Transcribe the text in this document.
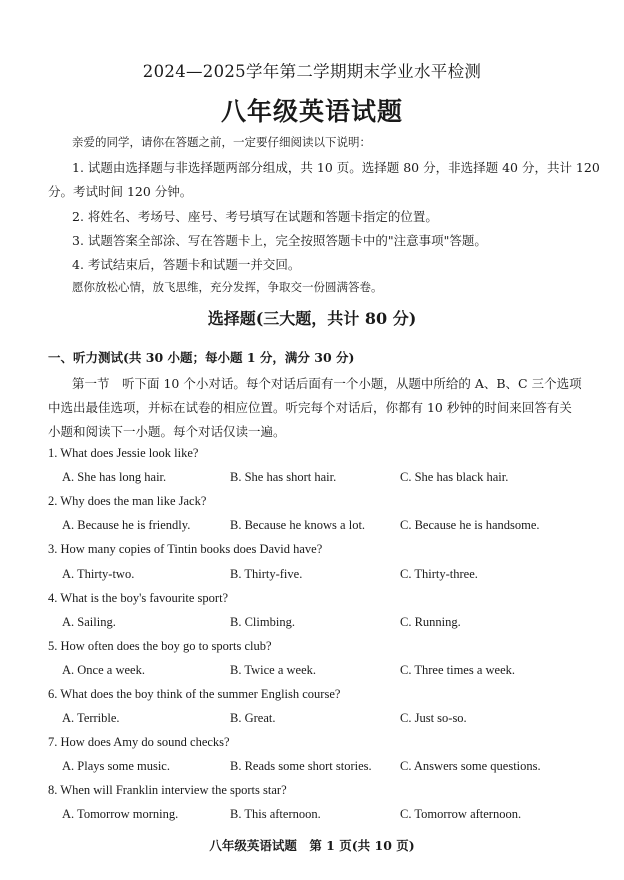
2024—2025学年第二学期期末学业水平检测
八年级英语试题
亲爱的同学，请你在答题之前，一定要仔细阅读以下说明：
1. 试题由选择题与非选择题两部分组成，共 10 页。选择题 80 分，非选择题 40 分，共计 120
分。考试时间 120 分钟。
2. 将姓名、考场号、座号、考号填写在试题和答题卡指定的位置。
3. 试题答案全部涂、写在答题卡上，完全按照答题卡中的"注意事项"答题。
4. 考试结束后，答题卡和试题一并交回。
愿你放松心情，放飞思维，充分发挥，争取交一份圆满答卷。
选择题(三大题，共计 80 分)
一、听力测试(共 30 小题；每小题 1 分，满分 30 分)
第一节　听下面 10 个小对话。每个对话后面有一个小题，从题中所给的 A、B、C 三个选项
中选出最佳选项，并标在试卷的相应位置。听完每个对话后，你都有 10 秒钟的时间来回答有关
小题和阅读下一小题。每个对话仅读一遍。
1. What does Jessie look like?
A. She has long hair.	B. She has short hair.	C. She has black hair.
2. Why does the man like Jack?
A. Because he is friendly.	B. Because he knows a lot.	C. Because he is handsome.
3. How many copies of Tintin books does David have?
A. Thirty-two.	B. Thirty-five.	C. Thirty-three.
4. What is the boy's favourite sport?
A. Sailing.	B. Climbing.	C. Running.
5. How often does the boy go to sports club?
A. Once a week.	B. Twice a week.	C. Three times a week.
6. What does the boy think of the summer English course?
A. Terrible.	B. Great.	C. Just so-so.
7. How does Amy do sound checks?
A. Plays some music.	B. Reads some short stories. C. Answers some questions.
8. When will Franklin interview the sports star?
A. Tomorrow morning.	B. This afternoon.	C. Tomorrow afternoon.
八年级英语试题　第 1 页(共 10 页)
